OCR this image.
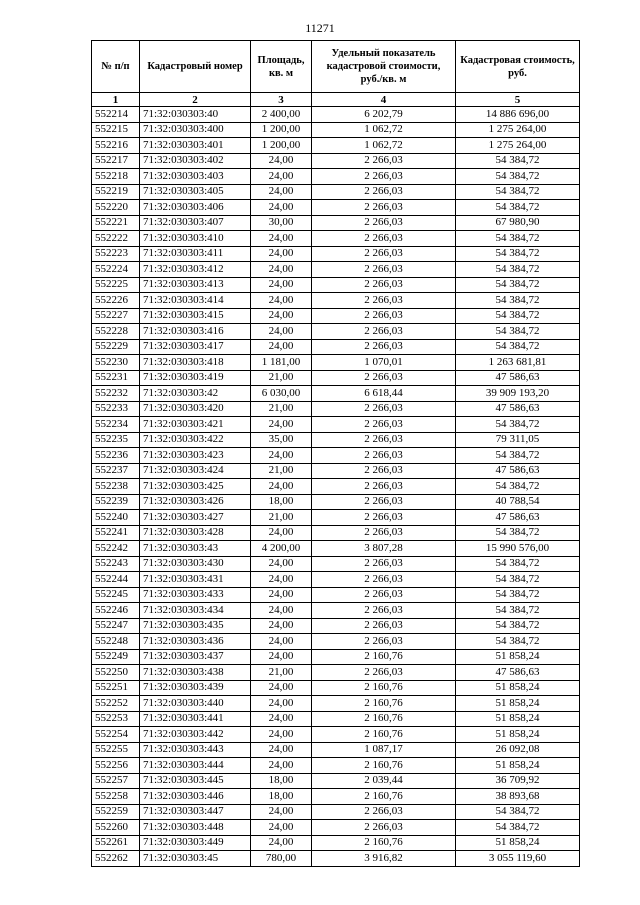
11271
№ п/п	Кадастровый номер	Площадь, кв. м	Удельный показатель кадастровой стоимости, руб./кв. м	Кадастровая стоимость, руб.
1	2	3	4	5
552214	71:32:030303:40	2 400,00	6 202,79	14 886 696,00
552215	71:32:030303:400	1 200,00	1 062,72	1 275 264,00
552216	71:32:030303:401	1 200,00	1 062,72	1 275 264,00
552217	71:32:030303:402	24,00	2 266,03	54 384,72
552218	71:32:030303:403	24,00	2 266,03	54 384,72
552219	71:32:030303:405	24,00	2 266,03	54 384,72
552220	71:32:030303:406	24,00	2 266,03	54 384,72
552221	71:32:030303:407	30,00	2 266,03	67 980,90
552222	71:32:030303:410	24,00	2 266,03	54 384,72
552223	71:32:030303:411	24,00	2 266,03	54 384,72
552224	71:32:030303:412	24,00	2 266,03	54 384,72
552225	71:32:030303:413	24,00	2 266,03	54 384,72
552226	71:32:030303:414	24,00	2 266,03	54 384,72
552227	71:32:030303:415	24,00	2 266,03	54 384,72
552228	71:32:030303:416	24,00	2 266,03	54 384,72
552229	71:32:030303:417	24,00	2 266,03	54 384,72
552230	71:32:030303:418	1 181,00	1 070,01	1 263 681,81
552231	71:32:030303:419	21,00	2 266,03	47 586,63
552232	71:32:030303:42	6 030,00	6 618,44	39 909 193,20
552233	71:32:030303:420	21,00	2 266,03	47 586,63
552234	71:32:030303:421	24,00	2 266,03	54 384,72
552235	71:32:030303:422	35,00	2 266,03	79 311,05
552236	71:32:030303:423	24,00	2 266,03	54 384,72
552237	71:32:030303:424	21,00	2 266,03	47 586,63
552238	71:32:030303:425	24,00	2 266,03	54 384,72
552239	71:32:030303:426	18,00	2 266,03	40 788,54
552240	71:32:030303:427	21,00	2 266,03	47 586,63
552241	71:32:030303:428	24,00	2 266,03	54 384,72
552242	71:32:030303:43	4 200,00	3 807,28	15 990 576,00
552243	71:32:030303:430	24,00	2 266,03	54 384,72
552244	71:32:030303:431	24,00	2 266,03	54 384,72
552245	71:32:030303:433	24,00	2 266,03	54 384,72
552246	71:32:030303:434	24,00	2 266,03	54 384,72
552247	71:32:030303:435	24,00	2 266,03	54 384,72
552248	71:32:030303:436	24,00	2 266,03	54 384,72
552249	71:32:030303:437	24,00	2 160,76	51 858,24
552250	71:32:030303:438	21,00	2 266,03	47 586,63
552251	71:32:030303:439	24,00	2 160,76	51 858,24
552252	71:32:030303:440	24,00	2 160,76	51 858,24
552253	71:32:030303:441	24,00	2 160,76	51 858,24
552254	71:32:030303:442	24,00	2 160,76	51 858,24
552255	71:32:030303:443	24,00	1 087,17	26 092,08
552256	71:32:030303:444	24,00	2 160,76	51 858,24
552257	71:32:030303:445	18,00	2 039,44	36 709,92
552258	71:32:030303:446	18,00	2 160,76	38 893,68
552259	71:32:030303:447	24,00	2 266,03	54 384,72
552260	71:32:030303:448	24,00	2 266,03	54 384,72
552261	71:32:030303:449	24,00	2 160,76	51 858,24
552262	71:32:030303:45	780,00	3 916,82	3 055 119,60
